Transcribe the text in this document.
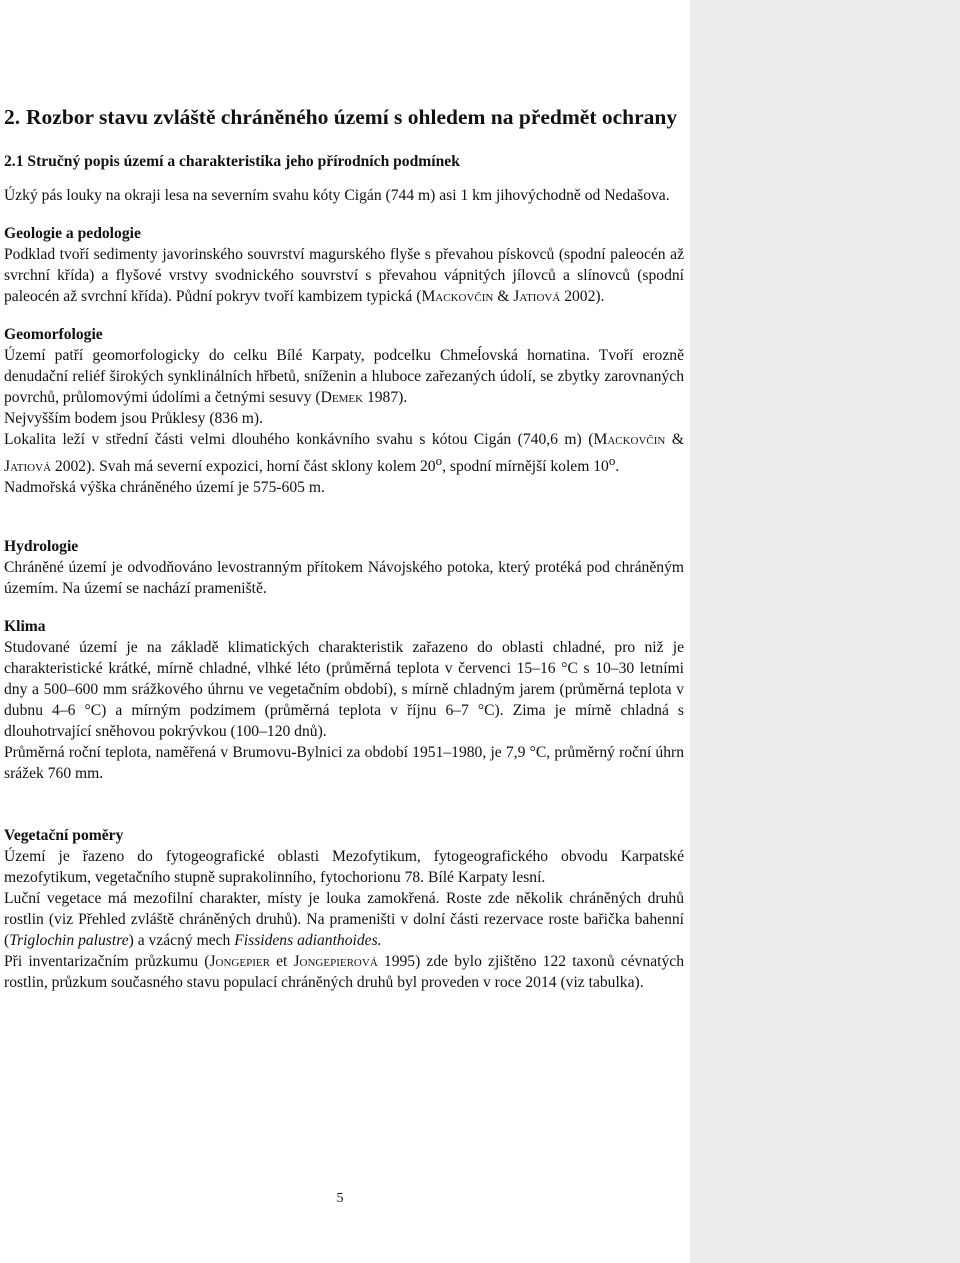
2. Rozbor stavu zvláště chráněného území s ohledem na předmět ochrany
2.1 Stručný popis území a charakteristika jeho přírodních podmínek

Úzký pás louky na okraji lesa na severním svahu kóty Cigán (744 m) asi 1 km jihovýchodně od Nedašova.

Geologie a pedologie

Podklad tvoří sedimenty javorinského souvrství magurského flyše s převahou pískovců (spodní paleocén až svrchní křída) a flyšové vrstvy svodnického souvrství s převahou vápnitých jílovců a slínovců (spodní paleocén až svrchní křída). Půdní pokryv tvoří kambizem typická (Mackovčin & Jatiová 2002).

Geomorfologie

Území patří geomorfologicky do celku Bílé Karpaty, podcelku Chmeĺovská hornatina. Tvoří erozně denudační reliéf širokých synklinálních hřbetů, sníženin a hluboce zařezaných údolí, se zbytky zarovnaných povrchů, průlomovými údolími a četnými sesuvy (Demek 1987).

Nejvyšším bodem jsou Průklesy (836 m).

Lokalita leží v střední části velmi dlouhého konkávního svahu s kótou Cigán (740,6 m) (Mackovčin & Jatiová 2002). Svah má severní expozici, horní část sklony kolem 20$^o$, spodní mírnější kolem 10$^o$.

Nadmořská výška chráněného území je 575-605 m.

Hydrologie

Chráněné území je odvodňováno levostranným přítokem Návojského potoka, který protéká pod chráněným územím. Na území se nachází prameniště.

Klima

Studované území je na základě klimatických charakteristik zařazeno do oblasti chladné, pro niž je charakteristické krátké, mírně chladné, vlhké léto (průměrná teplota v červenci 15–16 °C s 10–30 letními dny a 500–600 mm srážkového úhrnu ve vegetačním období), s mírně chladným jarem (průměrná teplota v dubnu 4–6 °C) a mírným podzimem (průměrná teplota v říjnu 6–7 °C). Zima je mírně chladná s dlouhotrvající sněhovou pokrývkou (100–120 dnů).

Průměrná roční teplota, naměřená v Brumovu-Bylnici za období 1951–1980, je 7,9 °C, průměrný roční úhrn srážek 760 mm.

Vegetační poměry

Území je řazeno do fytogeografické oblasti Mezofytikum, fytogeografického obvodu Karpatské mezofytikum, vegetačního stupně suprakolinního, fytochorionu 78. Bílé Karpaty lesní.

Luční vegetace má mezofilní charakter, místy je louka zamokřená. Roste zde několik chráněných druhů rostlin (viz Přehled zvláště chráněných druhů). Na prameništi v dolní části rezervace roste bařička bahenní (Triglochin palustre) a vzácný mech Fissidens adianthoides.

Při inventarizačním průzkumu (Jongepier et Jongepierová 1995) zde bylo zjištěno 122 taxonů cévnatých rostlin, průzkum současného stavu populací chráněných druhů byl proveden v roce 2014 (viz tabulka).

5
